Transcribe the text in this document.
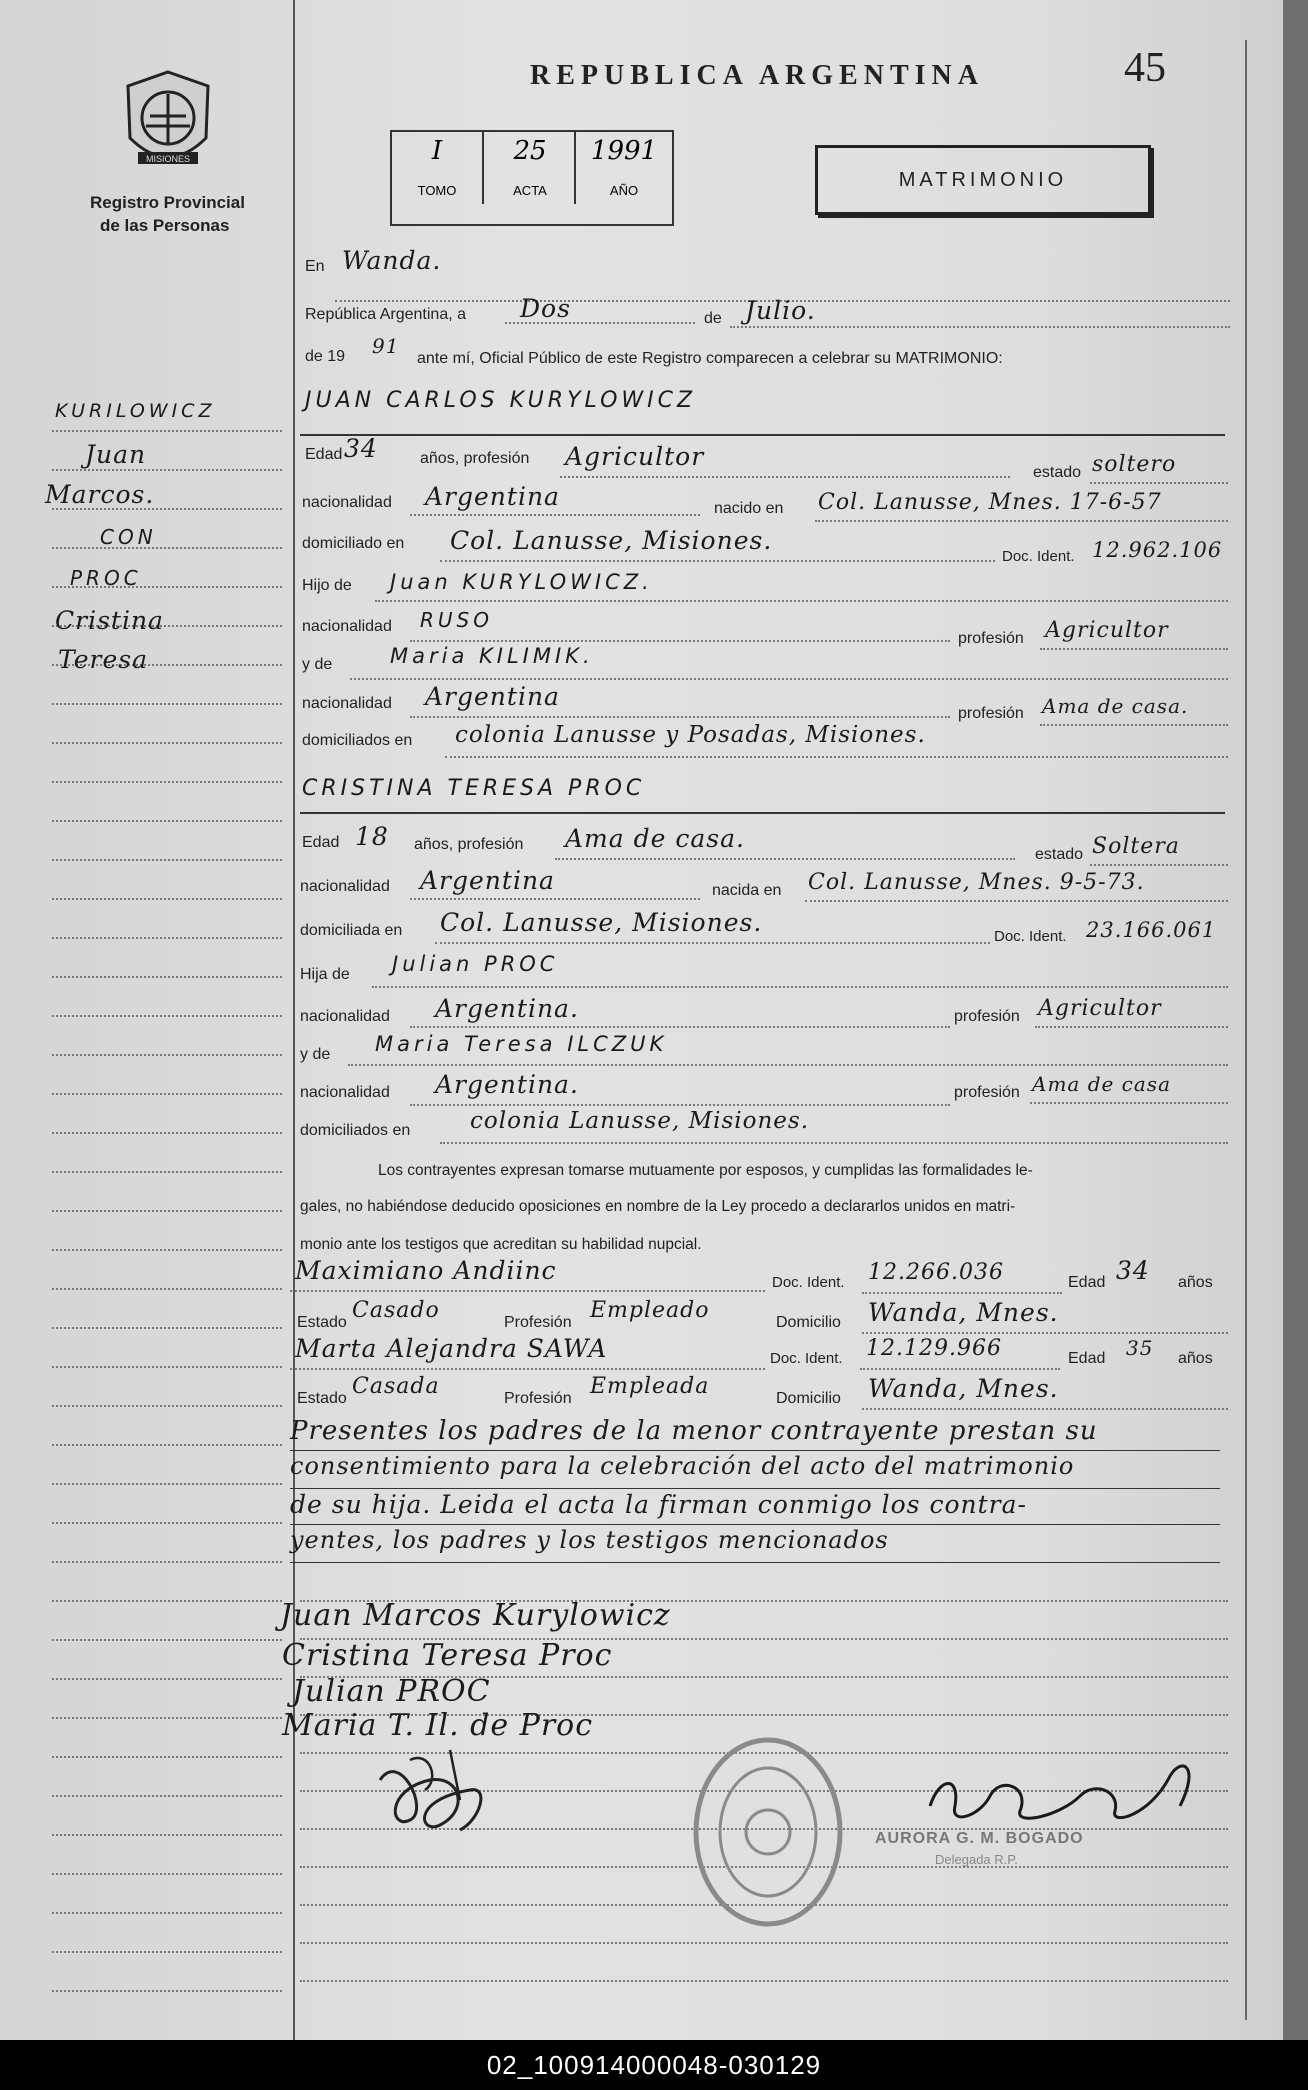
MISIONES
Registro Provincial
de las Personas
REPUBLICA ARGENTINA	45
I
TOMO
25
ACTA
1991
AÑO	MATRIMONIO
KURILOWICZ
Juan
Marcos.
CON
PROC
Cristina
Teresa
En Wanda.
República Argentina, a Dos	de Julio.
de 19 91
ante mí, Oficial Público de este Registro comparecen a celebrar su MATRIMONIO:
JUAN CARLOS KURYLOWICZ
Edad 34	años, profesión Agricultor
estado soltero
nacionalidad Argentina	nacido en Col. Lanusse, Mnes. 17-6-57
domiciliado en Col. Lanusse, Misiones.
Doc. Ident. 12.962.106
Hijo de Juan KURYLOWICZ.
nacionalidad RUSO
profesión Agricultor
y de	Maria KILIMIK.
nacionalidad Argentina
profesión Ama de casa.
domiciliados en colonia Lanusse y Posadas, Misiones.
CRISTINA TERESA PROC
Edad 18 años, profesión Ama de casa.
estado Soltera
nacionalidad Argentina	nacida en Col. Lanusse, Mnes. 9-5-73.
domiciliada en Col. Lanusse, Misiones.	Doc. Ident. 23.166.061
Hija de Julian PROC
nacionalidad Argentina.	profesión Agricultor
y de Maria Teresa ILCZUK
nacionalidad Argentina.	profesión Ama de casa
domiciliados en	colonia Lanusse, Misiones.
Los contrayentes expresan tomarse mutuamente por esposos, y cumplidas las formalidades le-
gales, no habiéndose deducido oposiciones en nombre de la Ley procedo a declararlos unidos en matri-
monio ante los testigos que acreditan su habilidad nupcial.
Maximiano Andiinc	Doc. Ident. 12.266.036	Edad 34 años
Estado Casado	Profesión Empleado	Domicilio Wanda, Mnes.
Marta Alejandra SAWA	Doc. Ident. 12.129.966	Edad 35 años
Estado Casada	Profesión Empleada	Domicilio Wanda, Mnes.
Presentes los padres de la menor contrayente prestan su
consentimiento para la celebración del acto del matrimonio
de su hija. Leida el acta la firman conmigo los contra-
yentes, los padres y los testigos mencionados
Juan Marcos Kurylowicz
Cristina Teresa Proc
Julian PROC
Maria T. Il. de Proc
AURORA G. M. BOGADO
Delegada R.P.
02_100914000048-030129
